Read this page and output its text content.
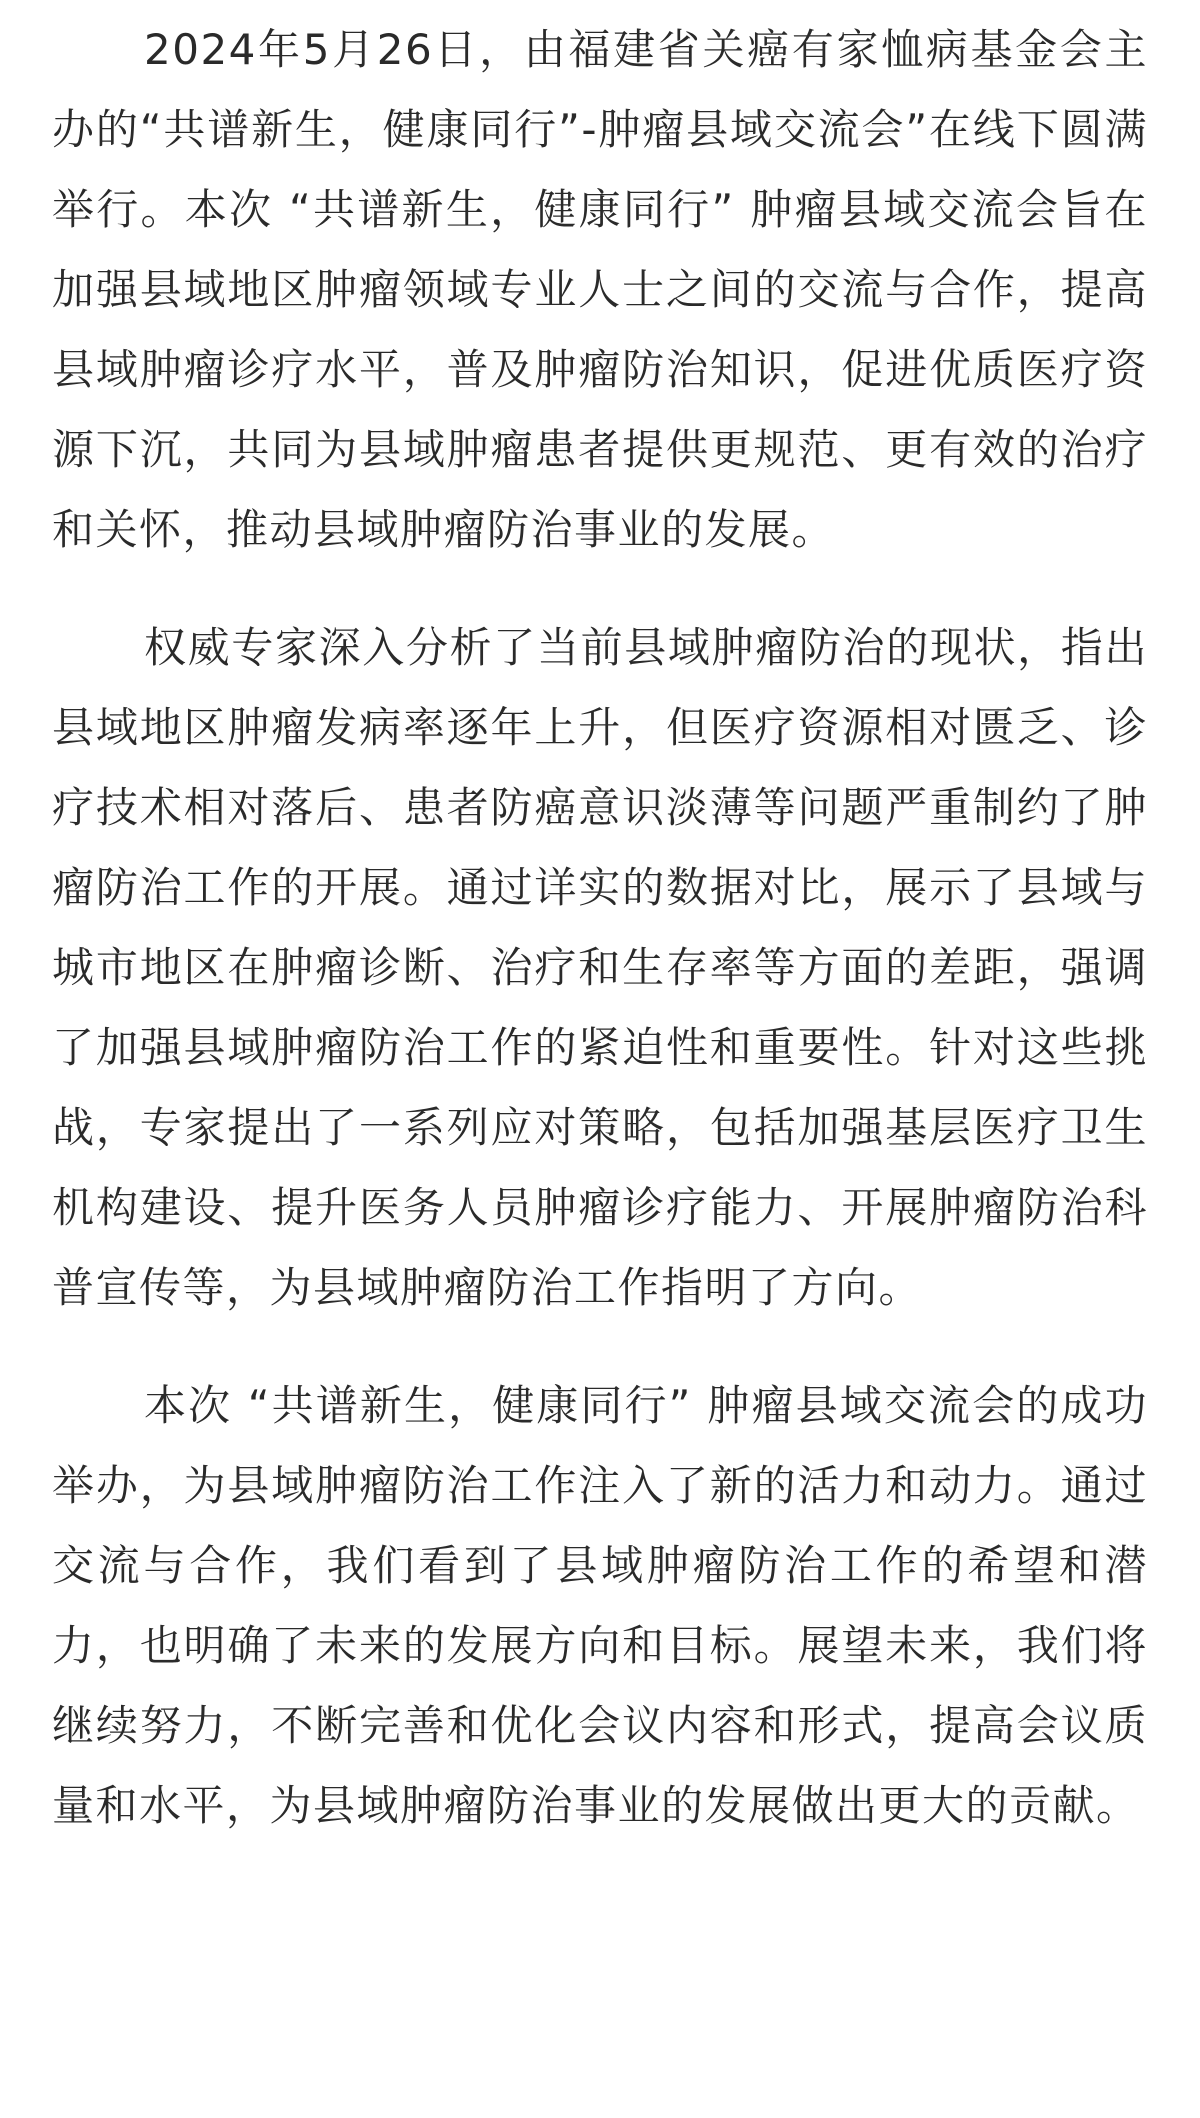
2024年5月26日，由福建省关癌有家恤病基金会主办的“共谱新生，健康同行”-肿瘤县域交流会”在线下圆满举行。本次 “共谱新生，健康同行” 肿瘤县域交流会旨在加强县域地区肿瘤领域专业人士之间的交流与合作，提高县域肿瘤诊疗水平，普及肿瘤防治知识，促进优质医疗资源下沉，共同为县域肿瘤患者提供更规范、更有效的治疗和关怀，推动县域肿瘤防治事业的发展。

权威专家深入分析了当前县域肿瘤防治的现状，指出县域地区肿瘤发病率逐年上升，但医疗资源相对匮乏、诊疗技术相对落后、患者防癌意识淡薄等问题严重制约了肿瘤防治工作的开展。通过详实的数据对比，展示了县域与城市地区在肿瘤诊断、治疗和生存率等方面的差距，强调了加强县域肿瘤防治工作的紧迫性和重要性。针对这些挑战，专家提出了一系列应对策略，包括加强基层医疗卫生机构建设、提升医务人员肿瘤诊疗能力、开展肿瘤防治科普宣传等，为县域肿瘤防治工作指明了方向。

本次 “共谱新生，健康同行” 肿瘤县域交流会的成功举办，为县域肿瘤防治工作注入了新的活力和动力。通过交流与合作，我们看到了县域肿瘤防治工作的希望和潜力，也明确了未来的发展方向和目标。展望未来，我们将继续努力，不断完善和优化会议内容和形式，提高会议质量和水平，为县域肿瘤防治事业的发展做出更大的贡献。
